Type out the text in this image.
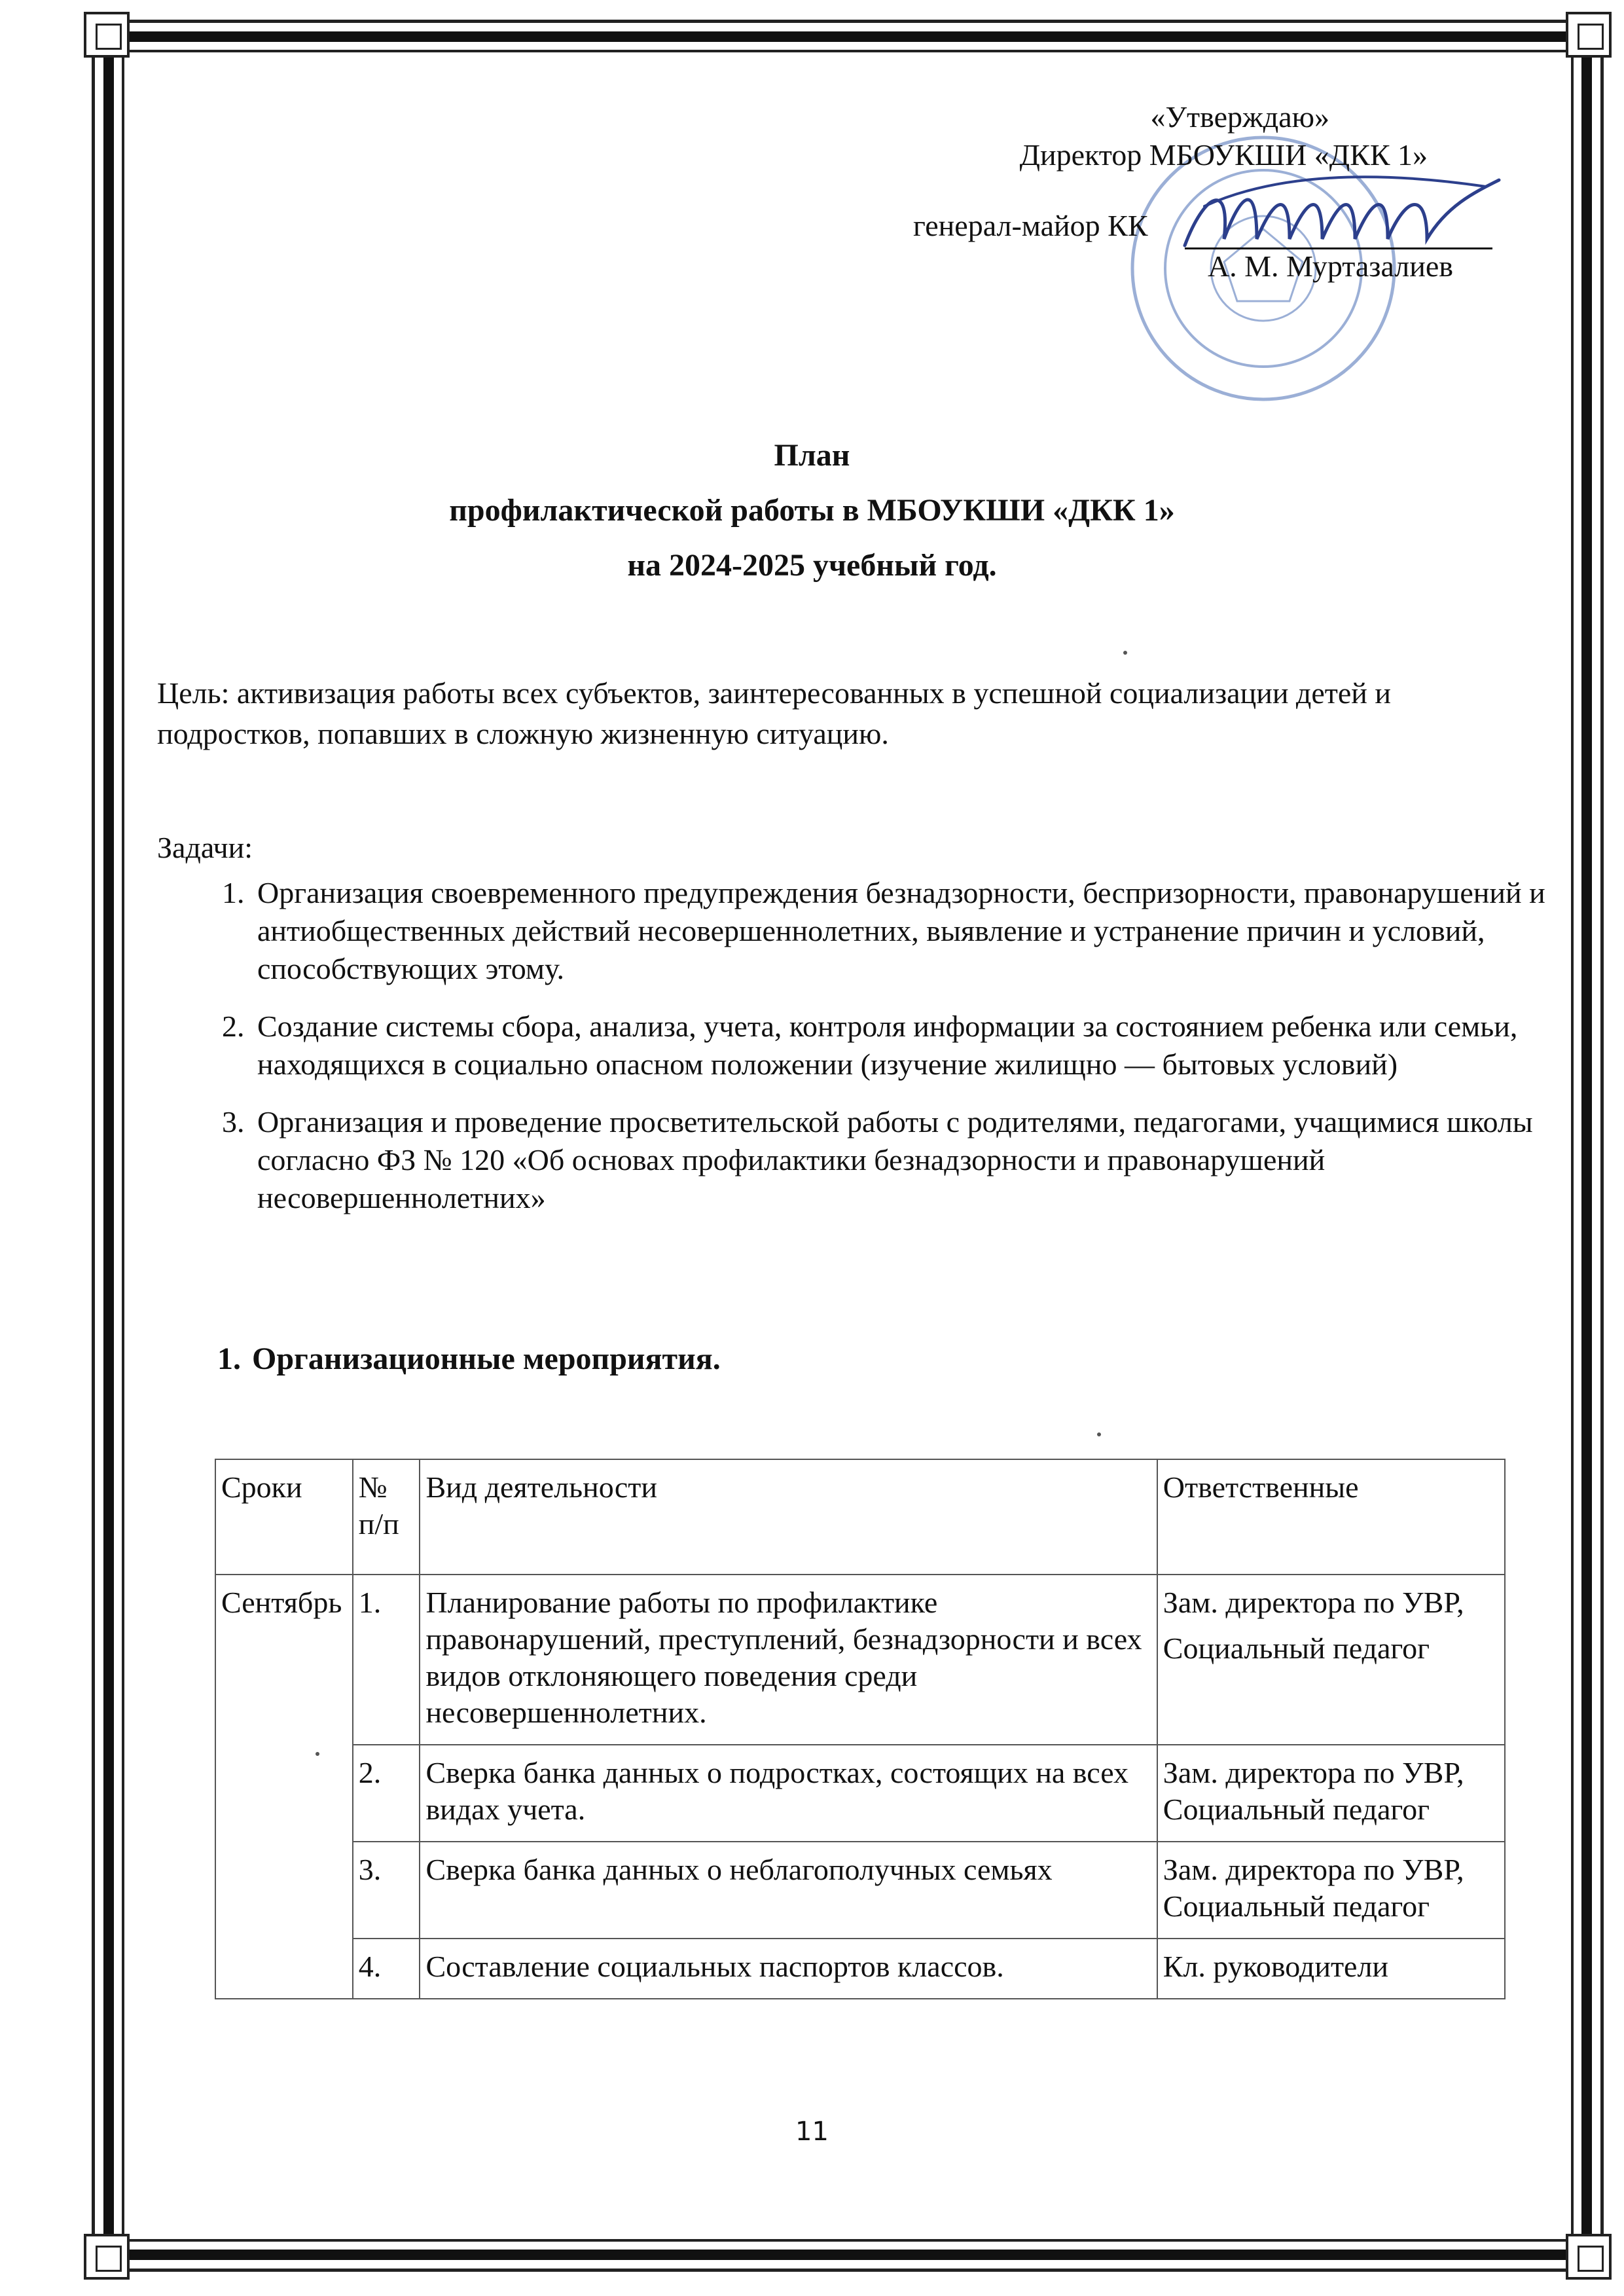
«Утверждаю»
Директор МБОУКШИ «ДКК 1»
генерал-майор КК
А. М. Муртазалиев
План
профилактической работы в МБОУКШИ «ДКК 1»
на 2024-2025 учебный год.
Цель: активизация работы всех субъектов, заинтересованных в успешной социализации детей и подростков, попавших в сложную жизненную ситуацию.
Задачи:
1. Организация своевременного предупреждения безнадзорности, беспризорности, правонарушений и антиобщественных действий несовершеннолетних, выявление и устранение причин и условий, способствующих этому.
2. Создание системы сбора, анализа, учета, контроля информации за состоянием ребенка или семьи, находящихся в социально опасном положении (изучение жилищно — бытовых условий)
3. Организация и проведение просветительской работы с родителями, педагогами, учащимися школы согласно ФЗ № 120 «Об основах профилактики безнадзорности и правонарушений несовершеннолетних»
1. Организационные мероприятия.
Сроки	№ п/п	Вид деятельности	Ответственные
Сентябрь	1.	Планирование работы по профилактике правонарушений, преступлений, безнадзорности и всех видов отклоняющего поведения среди несовершеннолетних.	Зам. директора по УВР,
Социальный педагог

	2.	Сверка банка данных о подростках, состоящих на всех видах учета.	Зам. директора по УВР,
Социальный педагог
	3.	Сверка банка данных о неблагополучных семьях	Зам. директора по УВР,
Социальный педагог
	4.	Составление социальных паспортов классов.	Кл. руководители
11
